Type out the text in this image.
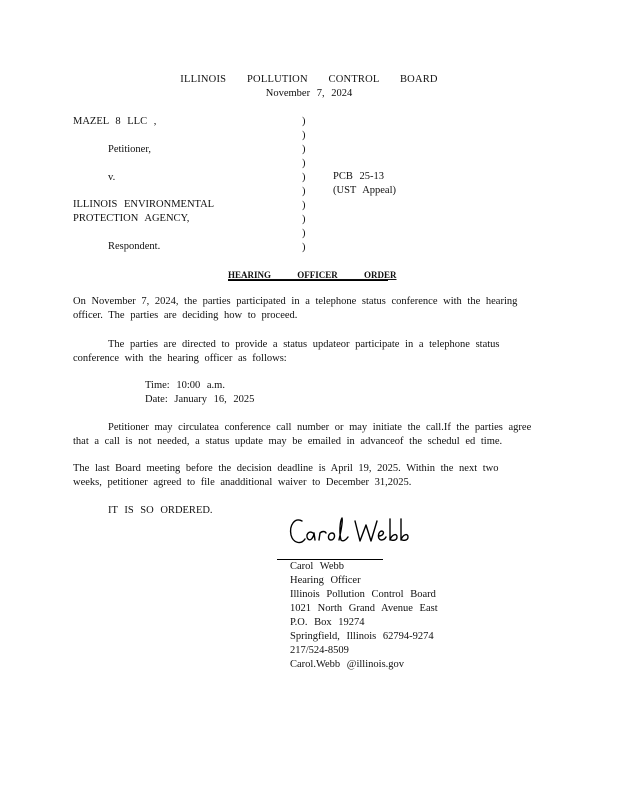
ILLINOIS POLLUTION CONTROL BOARD
November 7, 2024
MAZEL 8 LLC ,
Petitioner,
v.
ILLINOIS ENVIRONMENTAL
PROTECTION AGENCY,
Respondent.
)
)
)
)
)
)
)
)
)
)
PCB 25-13
(UST Appeal)
HEARING OFFICER ORDER
On November 7, 2024, the parties participated in a telephone status conference with the hearing officer. The parties are deciding how to proceed.
The parties are directed to provide a status updateor participate in a telephone status conference with the hearing officer as follows:
Time: 10:00 a.m.
Date: January 16, 2025
Petitioner may circulatea conference call number or may initiate the call.If the parties agree that a call is not needed, a status update may be emailed in advanceof the schedul ed time.
The last Board meeting before the decision deadline is April 19, 2025. Within the next two weeks, petitioner agreed to file anadditional waiver to December 31,2025.
IT IS SO ORDERED.
Carol Webb
Hearing Officer
Illinois Pollution Control Board
1021 North Grand Avenue East
P.O. Box 19274
Springfield, Illinois 62794-9274
217/524-8509
Carol.Webb @illinois.gov
